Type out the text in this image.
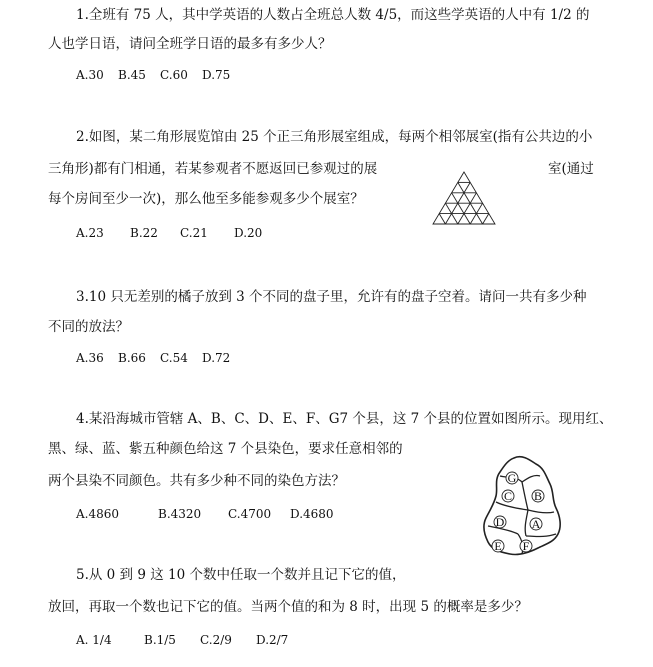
1.全班有 75 人，其中学英语的人数占全班总人数 4/5，而这些学英语的人中有 1/2 的
人也学日语，请问全班学日语的最多有多少人？
A.30 B.45 C.60 D.75
2.如图，某二角形展览馆由 25 个正三角形展室组成，每两个相邻展室(指有公共边的小
三角形)都有门相通，若某参观者不愿返回已参观过的展	室(通过
每个房间至少一次)，那么他至多能参观多少个展室？
A.23 B.22 C.21 D.20
3.10 只无差别的橘子放到 3 个不同的盘子里，允许有的盘子空着。请问一共有多少种
不同的放法？
A.36 B.66 C.54 D.72
4.某沿海城市管辖 A、B、C、D、E、F、G7 个县，这 7 个县的位置如图所示。现用红、
黑、绿、蓝、紫五种颜色给这 7 个县染色，要求任意相邻的
两个县染不同颜色。共有多少种不同的染色方法？
A.4860	B.4320 C.4700 D.4680
G
C B
D A
E F
5.从 0 到 9 这 10 个数中任取一个数并且记下它的值，
放回，再取一个数也记下它的值。当两个值的和为 8 时，出现 5 的概率是多少？
A. 1/4	B.1/5 C.2/9 D.2/7
